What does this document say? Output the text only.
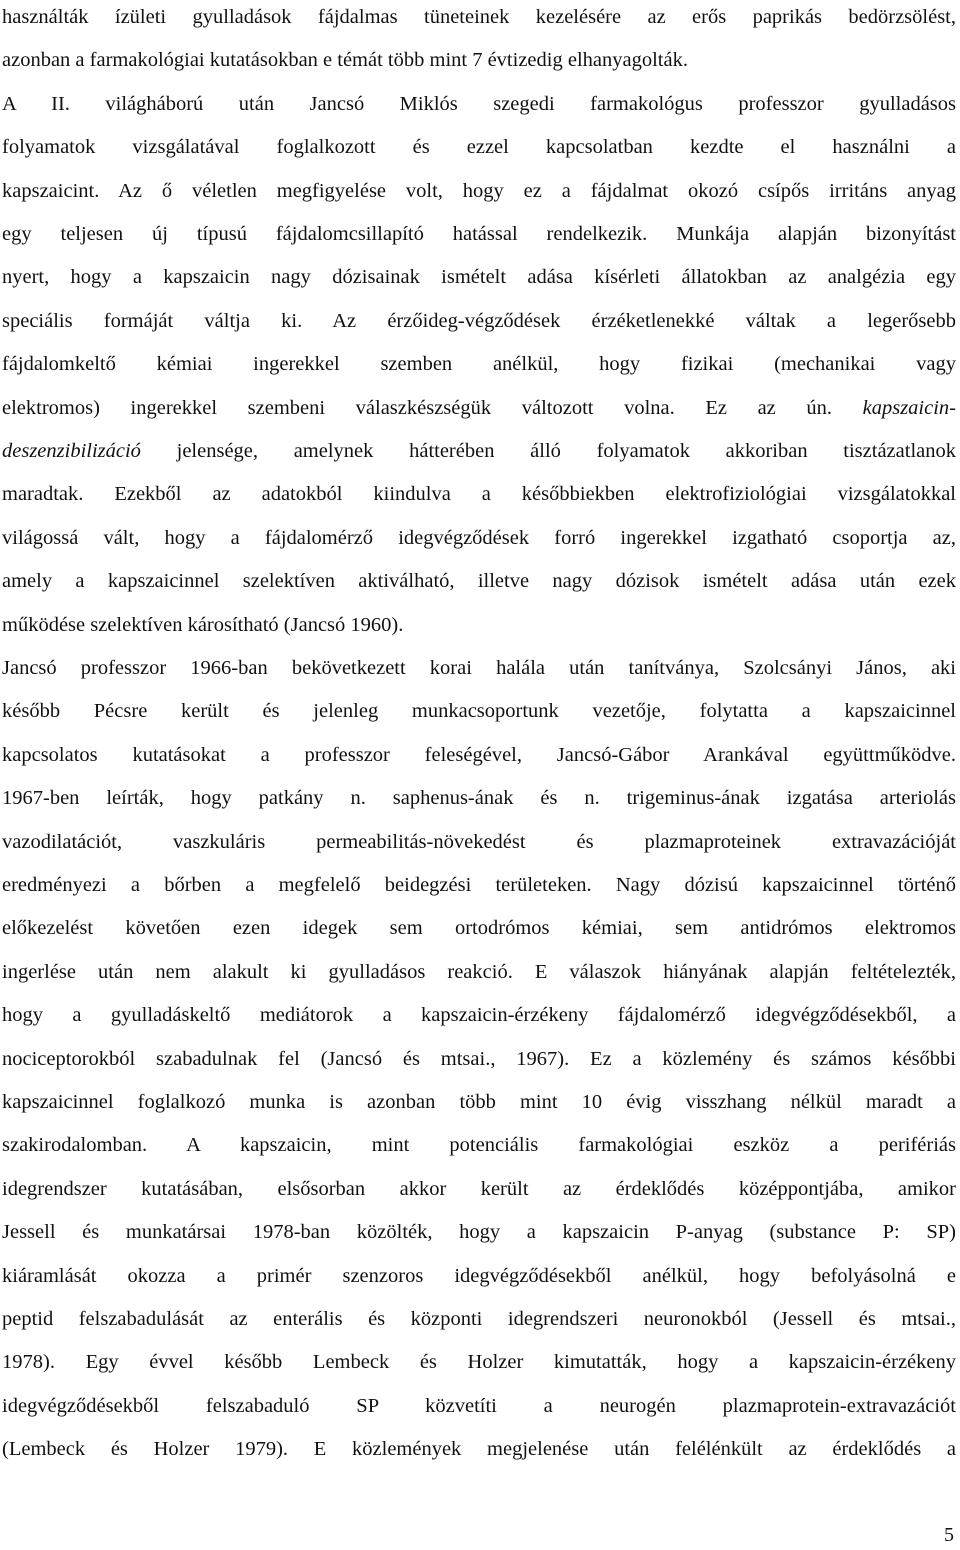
használták ízületi gyulladások fájdalmas tüneteinek kezelésére az erős paprikás bedörzsölést,
azonban a farmakológiai kutatásokban e témát több mint 7 évtizedig elhanyagolták.
A II. világháború után Jancsó Miklós szegedi farmakológus professzor gyulladásos
folyamatok vizsgálatával foglalkozott és ezzel kapcsolatban kezdte el használni a
kapszaicint. Az ő véletlen megfigyelése volt, hogy ez a fájdalmat okozó csípős irritáns anyag
egy teljesen új típusú fájdalomcsillapító hatással rendelkezik. Munkája alapján bizonyítást
nyert, hogy a kapszaicin nagy dózisainak ismételt adása kísérleti állatokban az analgézia egy
speciális formáját váltja ki. Az érzőideg-végződések érzéketlenekké váltak a legerősebb
fájdalomkeltő kémiai ingerekkel szemben anélkül, hogy fizikai (mechanikai vagy
elektromos) ingerekkel szembeni válaszkészségük változott volna. Ez az ún. kapszaicin-
deszenzibilizáció jelensége, amelynek hátterében álló folyamatok akkoriban tisztázatlanok
maradtak. Ezekből az adatokból kiindulva a későbbiekben elektrofiziológiai vizsgálatokkal
világossá vált, hogy a fájdalomérző idegvégződések forró ingerekkel izgatható csoportja az,
amely a kapszaicinnel szelektíven aktiválható, illetve nagy dózisok ismételt adása után ezek
működése szelektíven károsítható (Jancsó 1960).
Jancsó professzor 1966-ban bekövetkezett korai halála után tanítványa, Szolcsányi János, aki
később Pécsre került és jelenleg munkacsoportunk vezetője, folytatta a kapszaicinnel
kapcsolatos kutatásokat a professzor feleségével, Jancsó-Gábor Arankával együttműködve.
1967-ben leírták, hogy patkány n. saphenus-ának és n. trigeminus-ának izgatása arteriolás
vazodilatációt, vaszkuláris permeabilitás-növekedést és plazmaproteinek extravazációját
eredményezi a bőrben a megfelelő beidegzési területeken. Nagy dózisú kapszaicinnel történő
előkezelést követően ezen idegek sem ortodrómos kémiai, sem antidrómos elektromos
ingerlése után nem alakult ki gyulladásos reakció. E válaszok hiányának alapján feltételezték,
hogy a gyulladáskeltő mediátorok a kapszaicin-érzékeny fájdalomérző idegvégződésekből, a
nociceptorokból szabadulnak fel (Jancsó és mtsai., 1967). Ez a közlemény és számos későbbi
kapszaicinnel foglalkozó munka is azonban több mint 10 évig visszhang nélkül maradt a
szakirodalomban. A kapszaicin, mint potenciális farmakológiai eszköz a perifériás
idegrendszer kutatásában, elsősorban akkor került az érdeklődés középpontjába, amikor
Jessell és munkatársai 1978-ban közölték, hogy a kapszaicin P-anyag (substance P: SP)
kiáramlását okozza a primér szenzoros idegvégződésekből anélkül, hogy befolyásolná e
peptid felszabadulását az enterális és központi idegrendszeri neuronokból (Jessell és mtsai.,
1978). Egy évvel később Lembeck és Holzer kimutatták, hogy a kapszaicin-érzékeny
idegvégződésekből felszabaduló SP közvetíti a neurogén plazmaprotein-extravazációt
(Lembeck és Holzer 1979). E közlemények megjelenése után felélénkült az érdeklődés a
5
